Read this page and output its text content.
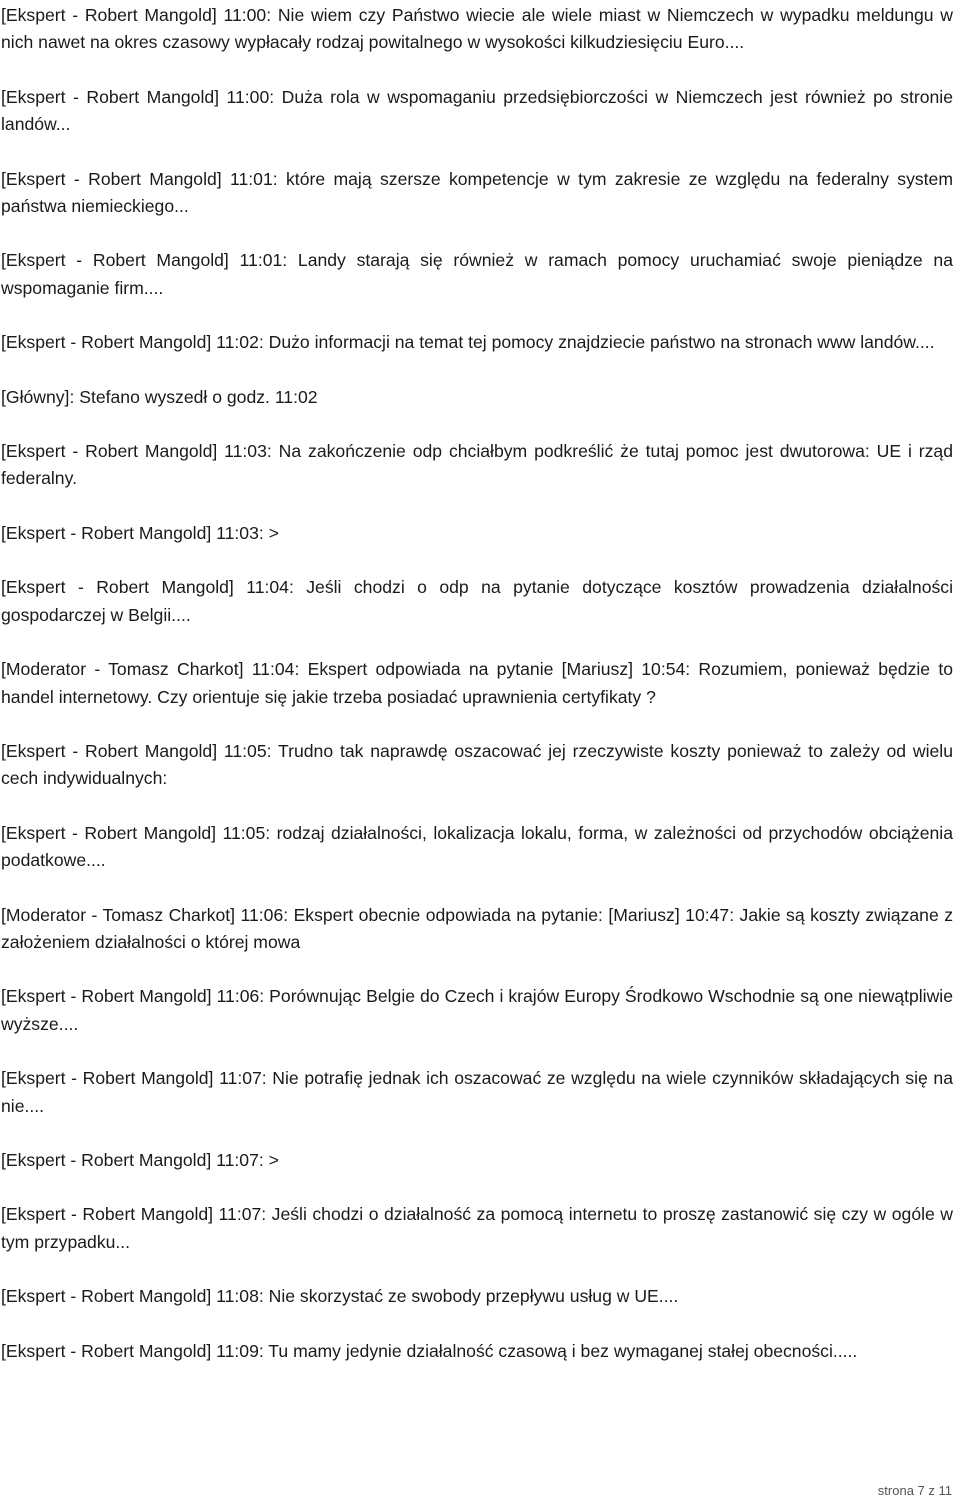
[Ekspert - Robert Mangold] 11:00: Nie wiem czy Państwo wiecie ale wiele miast w Niemczech w wypadku meldungu w nich nawet na okres czasowy wypłacały rodzaj powitalnego w wysokości kilkudziesięciu Euro....

[Ekspert - Robert Mangold] 11:00: Duża rola w wspomaganiu przedsiębiorczości w Niemczech jest również po stronie landów...

[Ekspert - Robert Mangold] 11:01: które mają szersze kompetencje w tym zakresie ze względu na federalny system państwa niemieckiego...

[Ekspert - Robert Mangold] 11:01: Landy starają się również w ramach pomocy uruchamiać swoje pieniądze na wspomaganie firm....

[Ekspert - Robert Mangold] 11:02: Dużo informacji na temat tej pomocy znajdziecie państwo na stronach www landów....

[Główny]: Stefano wyszedł o godz. 11:02

[Ekspert - Robert Mangold] 11:03: Na zakończenie odp chciałbym podkreślić że tutaj pomoc jest dwutorowa: UE i rząd federalny.

[Ekspert - Robert Mangold] 11:03: >

[Ekspert - Robert Mangold] 11:04: Jeśli chodzi o odp na pytanie dotyczące kosztów prowadzenia działalności gospodarczej w Belgii....

[Moderator - Tomasz Charkot] 11:04: Ekspert odpowiada na pytanie [Mariusz] 10:54: Rozumiem, ponieważ będzie to handel internetowy. Czy orientuje się jakie trzeba posiadać uprawnienia certyfikaty ?

[Ekspert - Robert Mangold] 11:05: Trudno tak naprawdę oszacować jej rzeczywiste koszty ponieważ to zależy od wielu cech indywidualnych:

[Ekspert - Robert Mangold] 11:05: rodzaj działalności, lokalizacja lokalu, forma, w zależności od przychodów obciążenia podatkowe....

[Moderator - Tomasz Charkot] 11:06: Ekspert obecnie odpowiada na pytanie: [Mariusz] 10:47: Jakie są koszty związane z założeniem działalności o której mowa

[Ekspert - Robert Mangold] 11:06: Porównując Belgie do Czech i krajów Europy Środkowo Wschodnie są one niewątpliwie wyższe....

[Ekspert - Robert Mangold] 11:07: Nie potrafię jednak ich oszacować ze względu na wiele czynników składających się na nie....

[Ekspert - Robert Mangold] 11:07: >

[Ekspert - Robert Mangold] 11:07: Jeśli chodzi o działalność za pomocą internetu to proszę zastanowić się czy w ogóle w tym przypadku...

[Ekspert - Robert Mangold] 11:08: Nie skorzystać ze swobody przepływu usług w UE....

[Ekspert - Robert Mangold] 11:09: Tu mamy jedynie działalność czasową i bez wymaganej stałej obecności.....

strona 7 z 11
